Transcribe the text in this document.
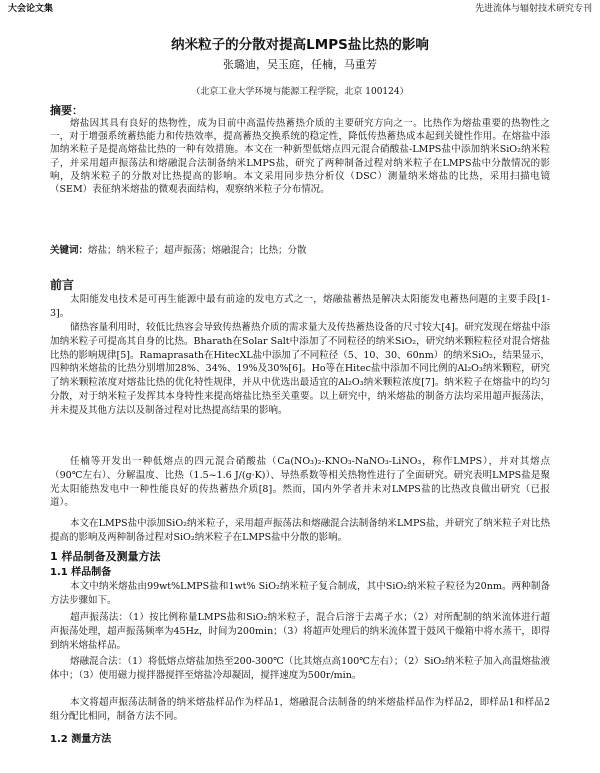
大会论文集	先进流体与辐射技术研究专刊
纳米粒子的分散对提高LMPS盐比热的影响
张璐迪，吴玉庭，任楠，马重芳
（北京工业大学环境与能源工程学院，北京 100124）
摘要：

熔盐因其具有良好的热物性，成为目前中高温传热蓄热介质的主要研究方向之一。比热作为熔盐重要的热物性之一，对于增强系统蓄热能力和传热效率，提高蓄热交换系统的稳定性，降低传热蓄热成本起到关键性作用。在熔盐中添加纳米粒子是提高熔盐比热的一种有效措施。本文在一种新型低熔点四元混合硝酸盐-LMPS盐中添加纳米SiO₂纳米粒子，并采用超声振荡法和熔融混合法制备纳米LMPS盐，研究了两种制备过程对纳米粒子在LMPS盐中分散情况的影响，及纳米粒子的分散对比热提高的影响。本文采用同步热分析仪（DSC）测量纳米熔盐的比热，采用扫描电镜（SEM）表征纳米熔盐的微观表面结构，观察纳米粒子分布情况。

关键词：熔盐；纳米粒子；超声振荡；熔融混合；比热；分散
前言

太阳能发电技术是可再生能源中最有前途的发电方式之一，熔融盐蓄热是解决太阳能发电蓄热问题的主要手段[1-3]。

储热容量利用时，较低比热容会导致传热蓄热介质的需求量大及传热蓄热设备的尺寸较大[4]。研究发现在熔盐中添加纳米粒子可提高其自身的比热。Bharath在Solar Salt中添加了不同粒径的纳米SiO₂，研究纳米颗粒粒径对混合熔盐比热的影响规律[5]。Ramaprasath在HitecXL盐中添加了不同粒径（5、10、30、60nm）的纳米SiO₂，结果显示，四种纳米熔盐的比热分别增加28%、34%、19%及30%[6]。Ho等在Hitec盐中添加不同比例的Al₂O₃纳米颗粒，研究了纳米颗粒浓度对熔盐比热的优化特性规律，并从中优选出最适宜的Al₂O₃纳米颗粒浓度[7]。纳米粒子在熔盐中的均匀分散，对于纳米粒子发挥其本身特性来提高熔盐比热至关重要。以上研究中，纳米熔盐的制备方法均采用超声振荡法，并未提及其他方法以及制备过程对比热提高结果的影响。

任楠等开发出一种低熔点的四元混合硝酸盐（Ca(NO₃)₂-KNO₃-NaNO₃-LiNO₃，称作LMPS），并对其熔点（90℃左右）、分解温度、比热（1.5~1.6 J/(g·K)）、导热系数等相关热物性进行了全面研究。研究表明LMPS盐是聚光太阳能热发电中一种性能良好的传热蓄热介质[8]。然而，国内外学者并未对LMPS盐的比热改良做出研究（已报道）。

本文在LMPS盐中添加SiO₂纳米粒子，采用超声振荡法和熔融混合法制备纳米LMPS盐，并研究了纳米粒子对比热提高的影响及两种制备过程对SiO₂纳米粒子在LMPS盐中分散的影响。

1 样品制备及测量方法
1.1 样品制备

本文中纳米熔盐由99wt%LMPS盐和1wt% SiO₂纳米粒子复合制成，其中SiO₂纳米粒子粒径为20nm。两种制备方法步骤如下。

超声振荡法：（1）按比例称量LMPS盐和SiO₂纳米粒子，混合后溶于去离子水；（2）对所配制的纳米流体进行超声振荡处理，超声振荡频率为45Hz，时间为200min；（3）将超声处理后的纳米流体置于鼓风干燥箱中将水蒸干，即得到纳米熔盐样品。

熔融混合法：（1）将低熔点熔盐加热至200-300℃（比其熔点高100℃左右）；（2）SiO₂纳米粒子加入高温熔盐液体中；（3）使用磁力搅拌器搅拌至熔盐冷却凝固，搅拌速度为500r/min。

本文将超声振荡法制备的纳米熔盐样品作为样品1，熔融混合法制备的纳米熔盐样品作为样品2，即样品1和样品2组分配比相同，制备方法不同。

1.2 测量方法
